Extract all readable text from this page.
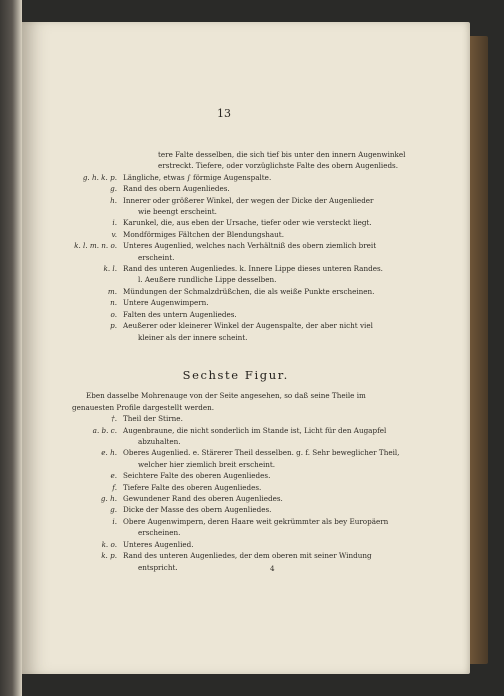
13
tere Falte desselben, die sich tief bis unter den innern Augenwinkel
erstreckt. Tiefere, oder vorzüglichste Falte des obern Augenlieds.
g. h. k. p. Längliche, etwas ∫ förmige Augenspalte.
g. Rand des obern Augenliedes.
h. Innerer oder größerer Winkel, der wegen der Dicke der Augenlieder
wie beengt erscheint.
i. Karunkel, die, aus eben der Ursache, tiefer oder wie versteckt liegt.
v. Mondförmiges Fältchen der Blendungshaut.
k. l. m. n. o. Unteres Augenlied, welches nach Verhältniß des obern ziemlich breit
erscheint.
k. l. Rand des unteren Augenliedes. k. Innere Lippe dieses unteren Randes.
l. Aeußere rundliche Lippe desselben.
m. Mündungen der Schmalzdrüßchen, die als weiße Punkte erscheinen.
n. Untere Augenwimpern.
o. Falten des untern Augenliedes.
p. Aeußerer oder kleinerer Winkel der Augenspalte, der aber nicht viel
kleiner als der innere scheint.
Sechste Figur.
Eben dasselbe Mohrenauge von der Seite angesehen, so daß seine Theile im
genauesten Profile dargestellt werden.
†. Theil der Stirne.
a. b. c. Augenbraune, die nicht sonderlich im Stande ist, Licht für den Augapfel
abzuhalten.
e. h. Oberes Augenlied. e. Stärerer Theil desselben. g. f. Sehr beweglicher Theil,
welcher hier ziemlich breit erscheint.
e. Seichtere Falte des oberen Augenliedes.
f. Tiefere Falte des oberen Augenliedes.
g. h. Gewundener Rand des oberen Augenliedes.
g. Dicke der Masse des obern Augenliedes.
i. Obere Augenwimpern, deren Haare weit gekrümmter als bey Europäern
erscheinen.
k. o. Unteres Augenlied.
k. p. Rand des unteren Augenliedes, der dem oberen mit seiner Windung
entspricht.	4
